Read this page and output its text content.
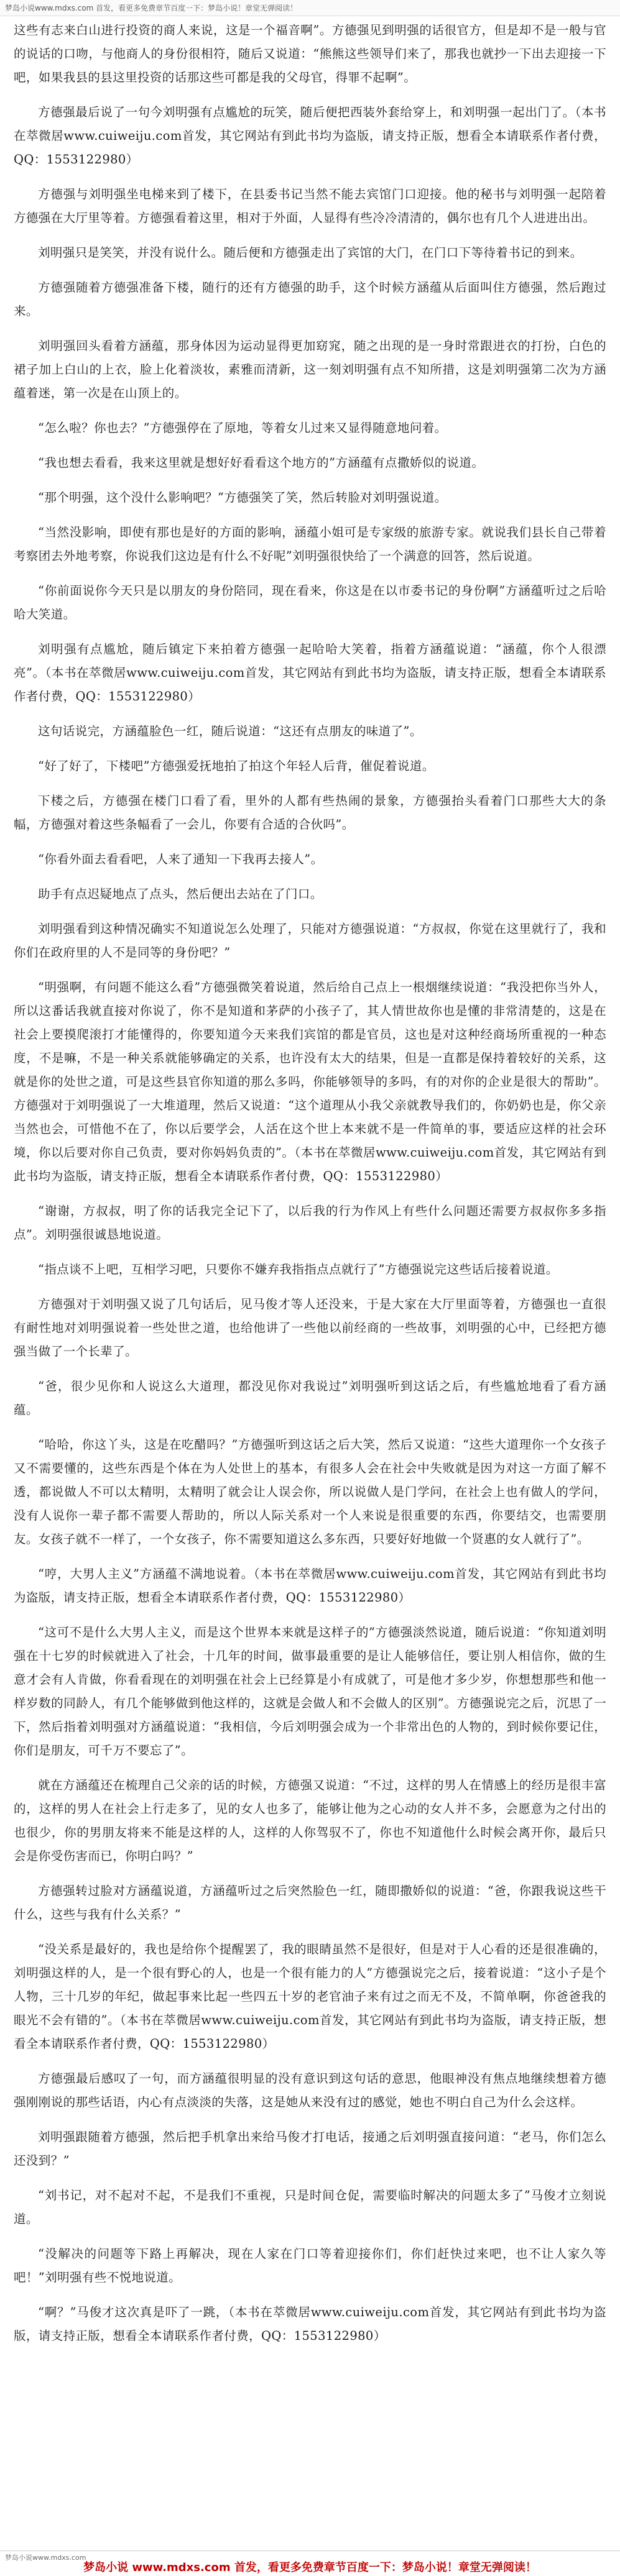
梦岛小说www.mdxs.com 首发，看更多免费章节百度一下：梦岛小说！章堂无弹阅读！

这些有志来白山进行投资的商人来说，这是一个福音啊”。方德强见到明强的话很官方，但是却不是一般与官的说话的口吻，与他商人的身份很相符，随后又说道：“熊熊这些领导们来了，那我也就抄一下出去迎接一下吧，如果我县的县这里投资的话那这些可都是我的父母官，得罪不起啊”。

方德强最后说了一句今刘明强有点尴尬的玩笑，随后便把西装外套给穿上，和刘明强一起出门了。（本书在萃微居www.cuiweiju.com首发，其它网站有到此书均为盗版，请支持正版，想看全本请联系作者付费，QQ：1553122980）

方德强与刘明强坐电梯来到了楼下，在县委书记当然不能去宾馆门口迎接。他的秘书与刘明强一起陪着方德强在大厅里等着。方德强看着这里，相对于外面，人显得有些冷冷清清的，偶尔也有几个人进进出出。

刘明强只是笑笑，并没有说什么。随后便和方德强走出了宾馆的大门，在门口下等待着书记的到来。

方德强随着方德强准备下楼，随行的还有方德强的助手，这个时候方涵蕴从后面叫住方德强，然后跑过来。

刘明强回头看着方涵蕴，那身体因为运动显得更加窈窕，随之出现的是一身时常跟进衣的打扮，白色的裙子加上白山的上衣，脸上化着淡妆，素雅而清新，这一刻刘明强有点不知所措，这是刘明强第二次为方涵蕴着迷，第一次是在山顶上的。

“怎么啦？你也去？”方德强停在了原地，等着女儿过来又显得随意地问着。

“我也想去看看，我来这里就是想好好看看这个地方的”方涵蕴有点撒娇似的说道。

“那个明强，这个没什么影响吧？”方德强笑了笑，然后转脸对刘明强说道。

“当然没影响，即使有那也是好的方面的影响，涵蕴小姐可是专家级的旅游专家。就说我们县长自己带着考察团去外地考察，你说我们这边是有什么不好呢”刘明强很快给了一个满意的回答，然后说道。

“你前面说你今天只是以朋友的身份陪同，现在看来，你这是在以市委书记的身份啊”方涵蕴听过之后哈哈大笑道。

刘明强有点尴尬，随后镇定下来拍着方德强一起哈哈大笑着，指着方涵蕴说道：“涵蕴，你个人很漂亮”。（本书在萃微居www.cuiweiju.com首发，其它网站有到此书均为盗版，请支持正版，想看全本请联系作者付费，QQ：1553122980）

这句话说完，方涵蕴脸色一红，随后说道：“这还有点朋友的味道了”。

“好了好了，下楼吧”方德强爱抚地拍了拍这个年轻人后背，催促着说道。

下楼之后，方德强在楼门口看了看，里外的人都有些热闹的景象，方德强抬头看着门口那些大大的条幅，方德强对着这些条幅看了一会儿，你要有合适的合伙吗”。

“你看外面去看看吧，人来了通知一下我再去接人”。

助手有点迟疑地点了点头，然后便出去站在了门口。

刘明强看到这种情况确实不知道说怎么处理了，只能对方德强说道：“方叔叔，你觉在这里就行了，我和你们在政府里的人不是同等的身份吧？”

“明强啊，有问题不能这么看”方德强微笑着说道，然后给自己点上一根烟继续说道：“我没把你当外人，所以这番话我就直接对你说了，你不是知道和茅萨的小孩子了，其人情世故你也是懂的非常清楚的，这是在社会上要摸爬滚打才能懂得的，你要知道今天来我们宾馆的都是官员，这也是对这种经商场所重视的一种态度，不是嘛，不是一种关系就能够确定的关系，也许没有太大的结果，但是一直都是保持着较好的关系，这就是你的处世之道，可是这些县官你知道的那么多吗，你能够领导的多吗，有的对你的企业是很大的帮助”。方德强对于刘明强说了一大堆道理，然后又说道：“这个道理从小我父亲就教导我们的，你奶奶也是，你父亲当然也会，可惜他不在了，你以后要学会，人活在这个世上本来就不是一件简单的事，要适应这样的社会环境，你以后要对你自己负责，要对你妈妈负责的”。（本书在萃微居www.cuiweiju.com首发，其它网站有到此书均为盗版，请支持正版，想看全本请联系作者付费，QQ：1553122980）

“谢谢，方叔叔，明了你的话我完全记下了，以后我的行为作风上有些什么问题还需要方叔叔你多多指点”。刘明强很诚恳地说道。

“指点谈不上吧，互相学习吧，只要你不嫌弃我指指点点就行了”方德强说完这些话后接着说道。

方德强对于刘明强又说了几句话后，见马俊才等人还没来，于是大家在大厅里面等着，方德强也一直很有耐性地对刘明强说着一些处世之道，也给他讲了一些他以前经商的一些故事，刘明强的心中，已经把方德强当做了一个长辈了。

“爸，很少见你和人说这么大道理，都没见你对我说过”刘明强听到这话之后，有些尴尬地看了看方涵蕴。

“哈哈，你这丫头，这是在吃醋吗？”方德强听到这话之后大笑，然后又说道：“这些大道理你一个女孩子又不需要懂的，这些东西是个体在为人处世上的基本，有很多人会在社会中失败就是因为对这一方面了解不透，都说做人不可以太精明，太精明了就会让人误会你，所以说做人是门学问，在社会上也有做人的学问，没有人说你一辈子都不需要人帮助的，所以人际关系对一个人来说是很重要的东西，你要结交，也需要朋友。女孩子就不一样了，一个女孩子，你不需要知道这么多东西，只要好好地做一个贤惠的女人就行了”。

“哼，大男人主义”方涵蕴不满地说着。（本书在萃微居www.cuiweiju.com首发，其它网站有到此书均为盗版，请支持正版，想看全本请联系作者付费，QQ：1553122980）

“这可不是什么大男人主义，而是这个世界本来就是这样子的”方德强淡然说道，随后说道：“你知道刘明强在十七岁的时候就进入了社会，十几年的时间，做事最重要的是让人能够信任，要让别人相信你，做的生意才会有人肯做，你看看现在的刘明强在社会上已经算是小有成就了，可是他才多少岁，你想想那些和他一样岁数的同龄人，有几个能够做到他这样的，这就是会做人和不会做人的区别”。方德强说完之后，沉思了一下，然后指着刘明强对方涵蕴说道：“我相信，今后刘明强会成为一个非常出色的人物的，到时候你要记住，你们是朋友，可千万不要忘了”。

就在方涵蕴还在梳理自己父亲的话的时候，方德强又说道：“不过，这样的男人在情感上的经历是很丰富的，这样的男人在社会上行走多了，见的女人也多了，能够让他为之心动的女人并不多，会愿意为之付出的也很少，你的男朋友将来不能是这样的人，这样的人你驾驭不了，你也不知道他什么时候会离开你，最后只会是你受伤害而已，你明白吗？”

方德强转过脸对方涵蕴说道，方涵蕴听过之后突然脸色一红，随即撒娇似的说道：“爸，你跟我说这些干什么，这些与我有什么关系？”

“没关系是最好的，我也是给你个提醒罢了，我的眼睛虽然不是很好，但是对于人心看的还是很准确的，刘明强这样的人，是一个很有野心的人，也是一个很有能力的人”方德强说完之后，接着说道：“这小子是个人物，三十几岁的年纪，做起事来比起一些四五十岁的老官油子来有过之而无不及，不简单啊，你爸爸我的眼光不会有错的”。（本书在萃微居www.cuiweiju.com首发，其它网站有到此书均为盗版，请支持正版，想看全本请联系作者付费，QQ：1553122980）

方德强最后感叹了一句，而方涵蕴很明显的没有意识到这句话的意思，他眼神没有焦点地继续想着方德强刚刚说的那些话语，内心有点淡淡的失落，这是她从来没有过的感觉，她也不明白自己为什么会这样。

刘明强跟随着方德强，然后把手机拿出来给马俊才打电话，接通之后刘明强直接问道：“老马，你们怎么还没到？”

“刘书记，对不起对不起，不是我们不重视，只是时间仓促，需要临时解决的问题太多了”马俊才立刻说道。

“没解决的问题等下路上再解决，现在人家在门口等着迎接你们，你们赶快过来吧，也不让人家久等吧！”刘明强有些不悦地说道。

“啊？”马俊才这次真是吓了一跳，（本书在萃微居www.cuiweiju.com首发，其它网站有到此书均为盗版，请支持正版，想看全本请联系作者付费，QQ：1553122980）

梦岛小说www.mdxs.com
梦岛小说 www.mdxs.com 首发，看更多免费章节百度一下：梦岛小说！章堂无弹阅读！
